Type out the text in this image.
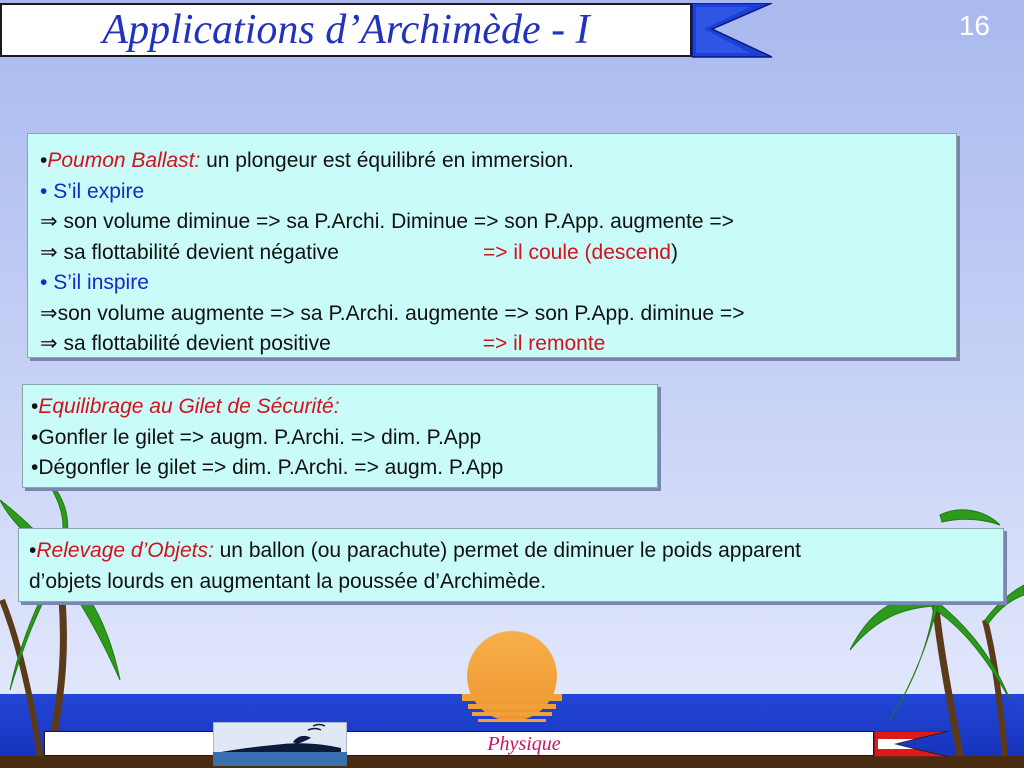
Applications d’Archimède - I	16

•Poumon Ballast: un plongeur est équilibré en immersion.

• S’il expire

⇒ son volume diminue => sa P.Archi. Diminue => son P.App. augmente =>

⇒ sa flottabilité devient négative	=> il coule (descend)

• S’il inspire

⇒son volume augmente => sa P.Archi. augmente => son P.App. diminue =>

⇒ sa flottabilité devient positive	=> il remonte

•Equilibrage au Gilet de Sécurité:

•Gonfler le gilet => augm. P.Archi. => dim. P.App

•Dégonfler le gilet => dim. P.Archi. => augm. P.App

•Relevage d’Objets: un ballon (ou parachute) permet de diminuer le poids apparent

d’objets lourds en augmentant la poussée d’Archimède.

Physique
